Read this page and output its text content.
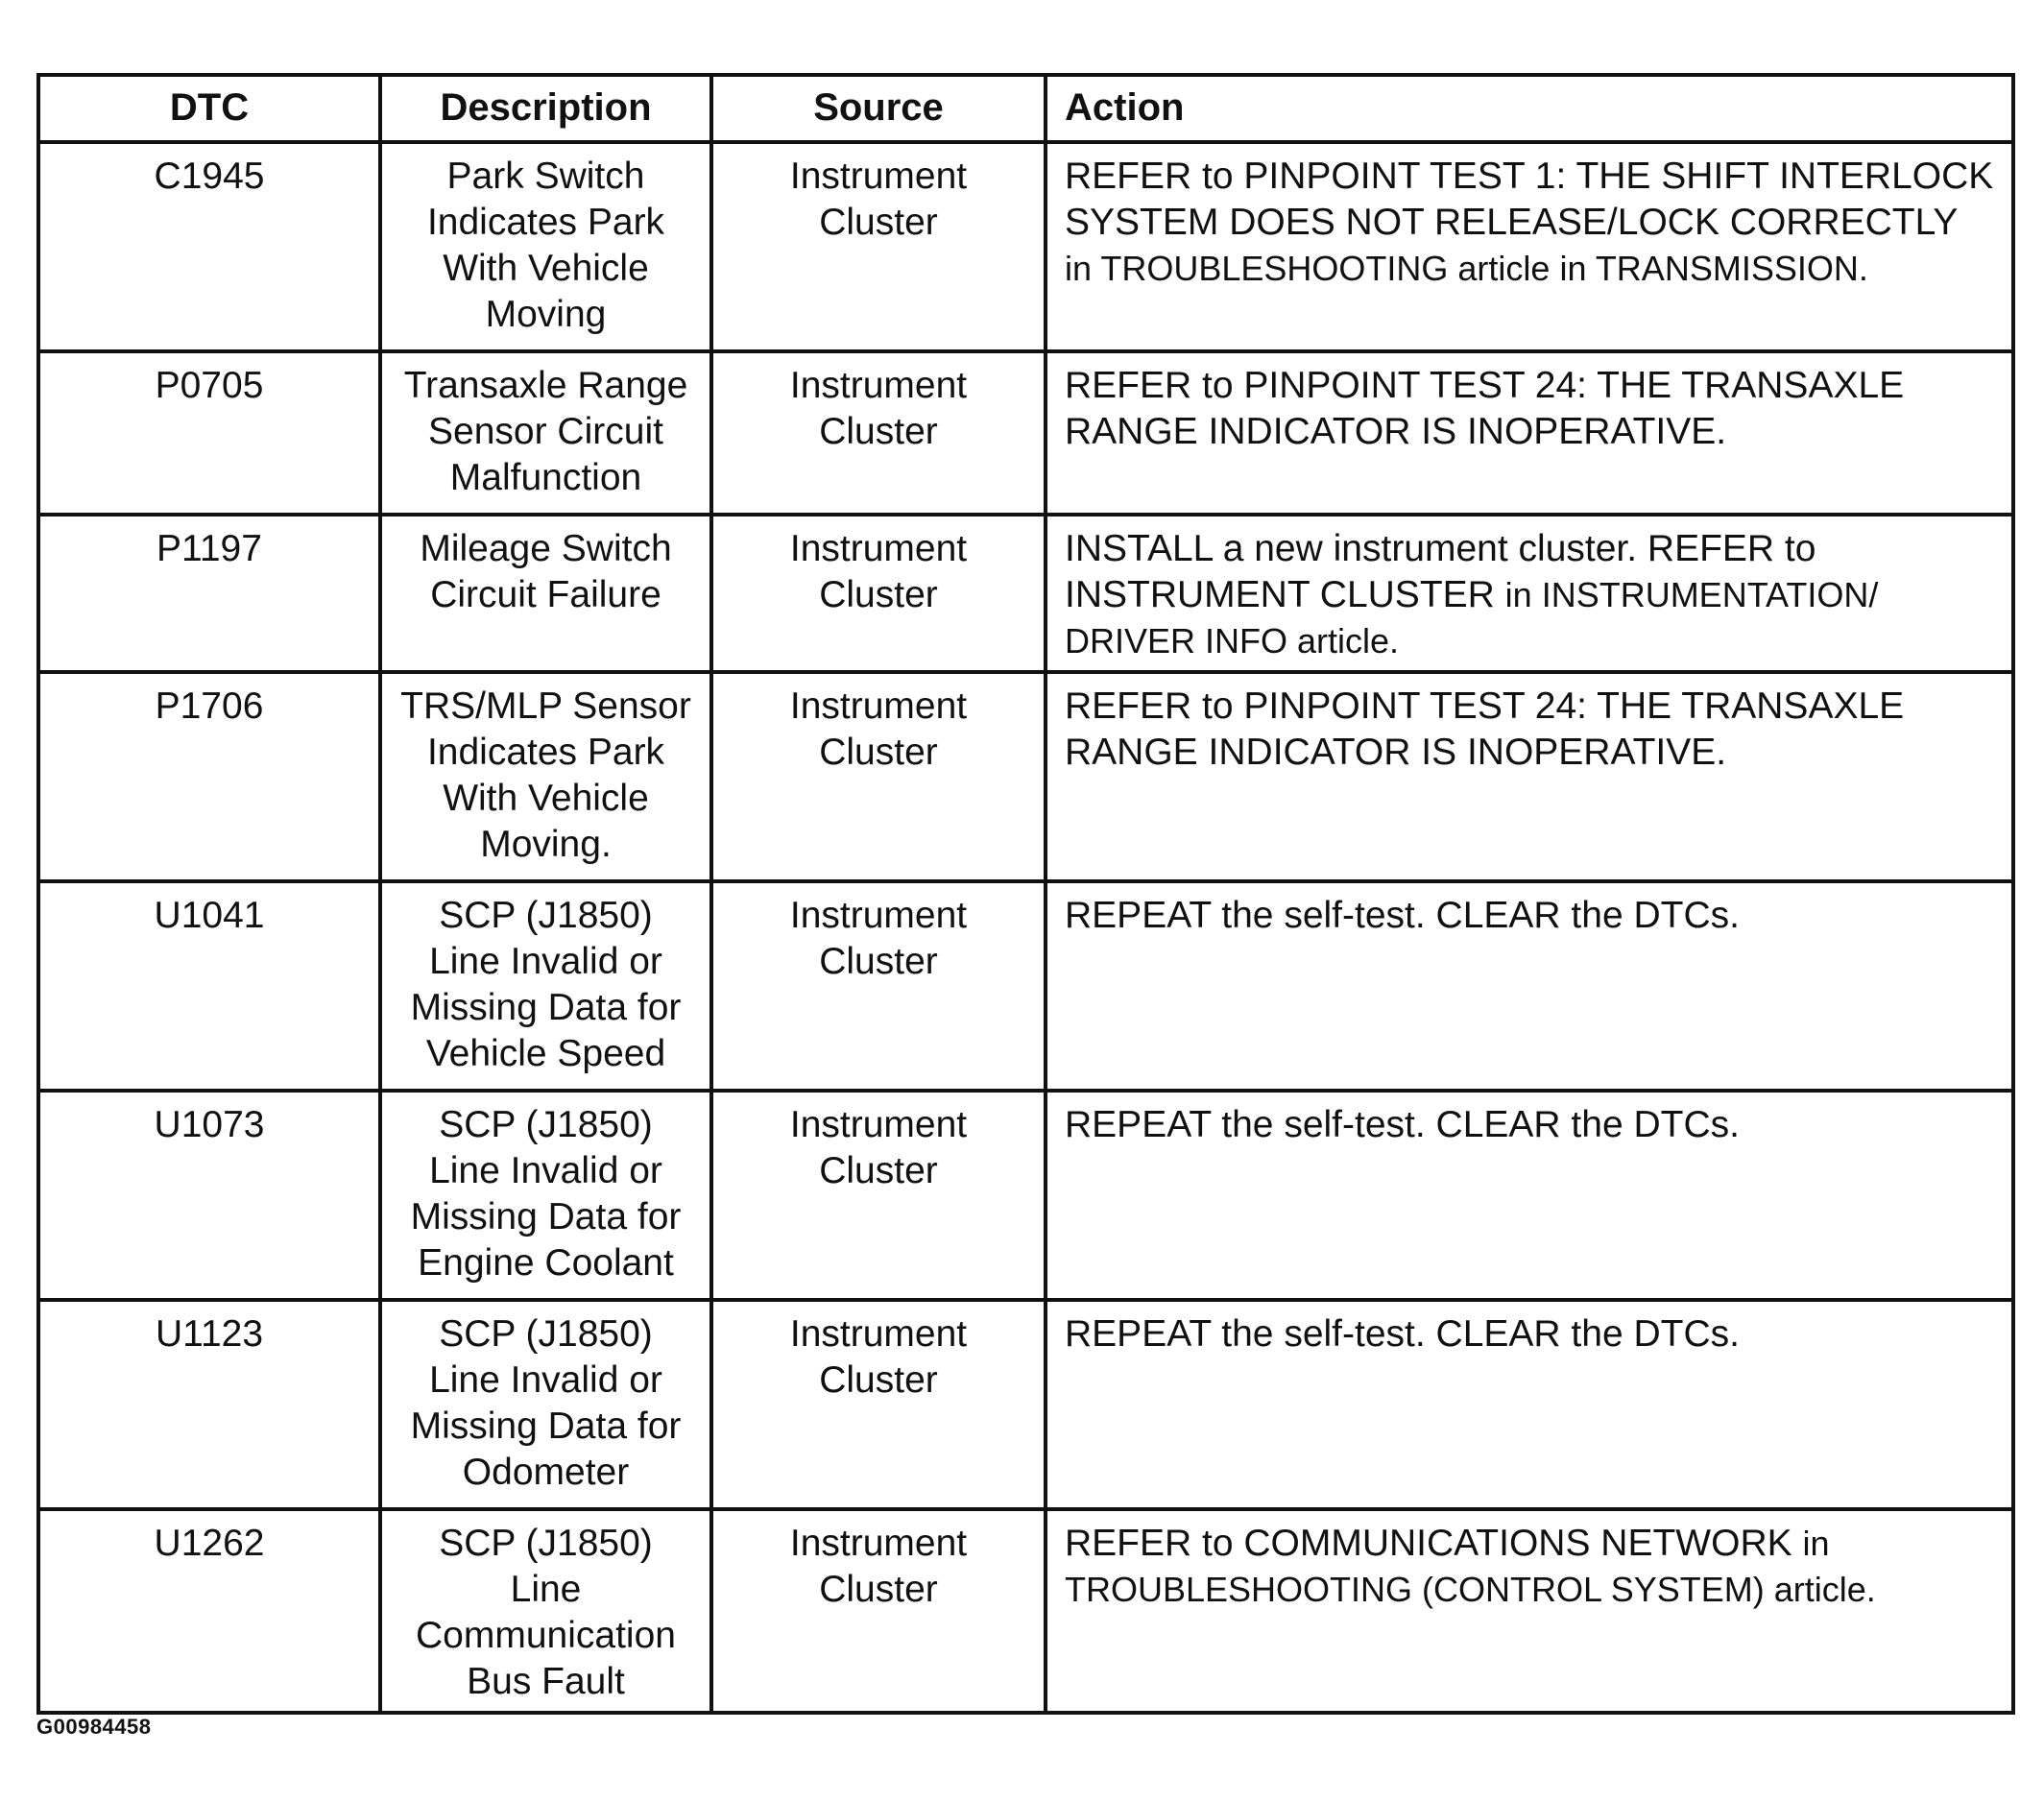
DTC	Description	Source	Action
C1945	Park Switch Indicates Park With Vehicle Moving	Instrument Cluster	REFER to PINPOINT TEST 1: THE SHIFT INTERLOCK SYSTEM DOES NOT RELEASE/LOCK CORRECTLY in TROUBLESHOOTING article in TRANSMISSION.
P0705	Transaxle Range Sensor Circuit Malfunction	Instrument Cluster	REFER to PINPOINT TEST 24: THE TRANSAXLE RANGE INDICATOR IS INOPERATIVE.
P1197	Mileage Switch Circuit Failure	Instrument Cluster	INSTALL a new instrument cluster. REFER to INSTRUMENT CLUSTER in INSTRUMENTATION/ DRIVER INFO article.
P1706	TRS/MLP Sensor Indicates Park With Vehicle Moving.	Instrument Cluster	REFER to PINPOINT TEST 24: THE TRANSAXLE RANGE INDICATOR IS INOPERATIVE.
U1041	SCP (J1850) Line Invalid or Missing Data for Vehicle Speed	Instrument Cluster	REPEAT the self-test. CLEAR the DTCs.
U1073	SCP (J1850) Line Invalid or Missing Data for Engine Coolant	Instrument Cluster	REPEAT the self-test. CLEAR the DTCs.
U1123	SCP (J1850) Line Invalid or Missing Data for Odometer	Instrument Cluster	REPEAT the self-test. CLEAR the DTCs.
U1262	SCP (J1850) Line Communication Bus Fault	Instrument Cluster	REFER to COMMUNICATIONS NETWORK in TROUBLESHOOTING (CONTROL SYSTEM) article.
G00984458
